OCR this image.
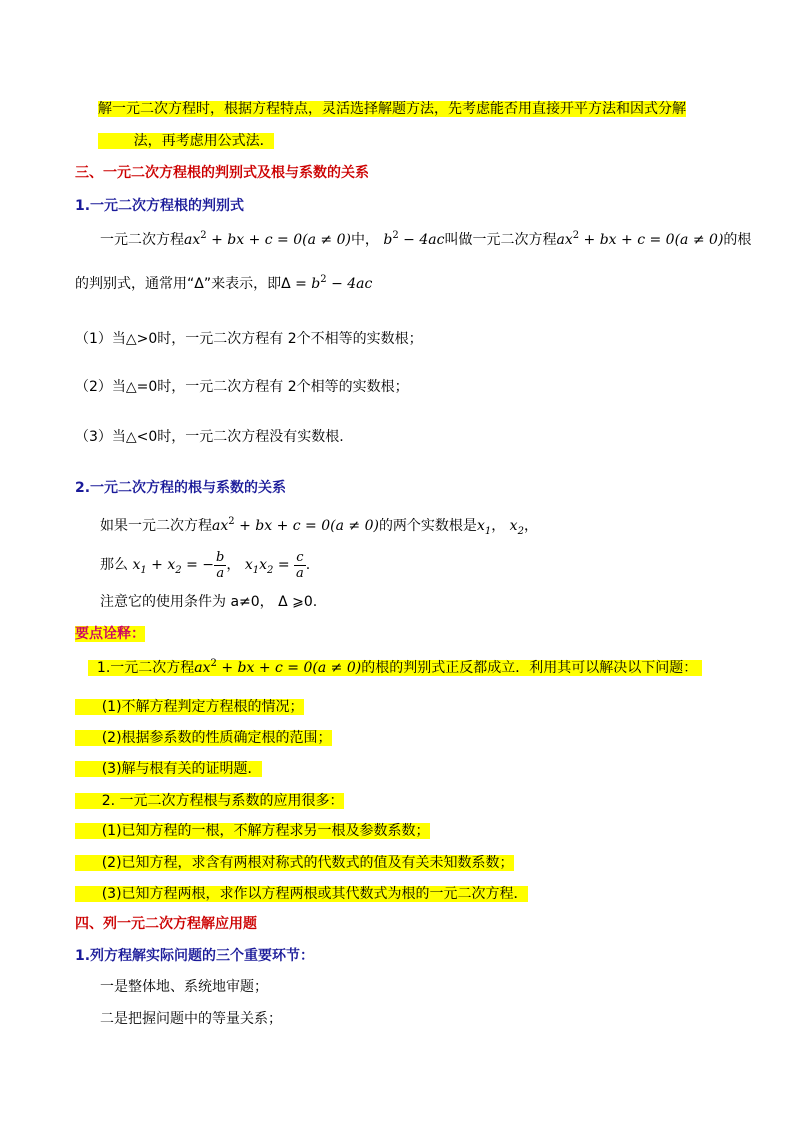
解一元二次方程时，根据方程特点，灵活选择解题方法，先考虑能否用直接开平方法和因式分解
法，再考虑用公式法．
三、一元二次方程根的判别式及根与系数的关系
1.一元二次方程根的判别式
一元二次方程$ax^2$ + bx + c = 0(a ≠ 0)中， $b^2 - 4ac$叫做一元二次方程$ax^2$ + bx + c = 0(a ≠ 0)的根
的判别式，通常用“Δ”来表示，即$\Delta = b^2 - 4ac$
（1）当△>0时，一元二次方程有 2个不相等的实数根；
（2）当△=0时，一元二次方程有 2个相等的实数根；
（3）当△<0时，一元二次方程没有实数根.
2.一元二次方程的根与系数的关系
如果一元二次方程$ax^2$ + bx + c = 0(a ≠ 0)的两个实数根是$x_1$， $x_2$，
那么 $x_1 + x_2$ = − $\frac{b}{a}$ ， $x_1x_2 = \frac{c}{a}$ .
注意它的使用条件为 a≠0， Δ ⩾0.
要点诠释：
1.一元二次方程$ax^2$ + bx + c = 0(a ≠ 0)的根的判别式正反都成立．利用其可以解决以下问题：
(1)不解方程判定方程根的情况；
(2)根据参系数的性质确定根的范围；
(3)解与根有关的证明题．
2. 一元二次方程根与系数的应用很多：
(1)已知方程的一根，不解方程求另一根及参数系数；
(2)已知方程，求含有两根对称式的代数式的值及有关未知数系数；
(3)已知方程两根，求作以方程两根或其代数式为根的一元二次方程．
四、列一元二次方程解应用题
1.列方程解实际问题的三个重要环节：
一是整体地、系统地审题；
二是把握问题中的等量关系；
